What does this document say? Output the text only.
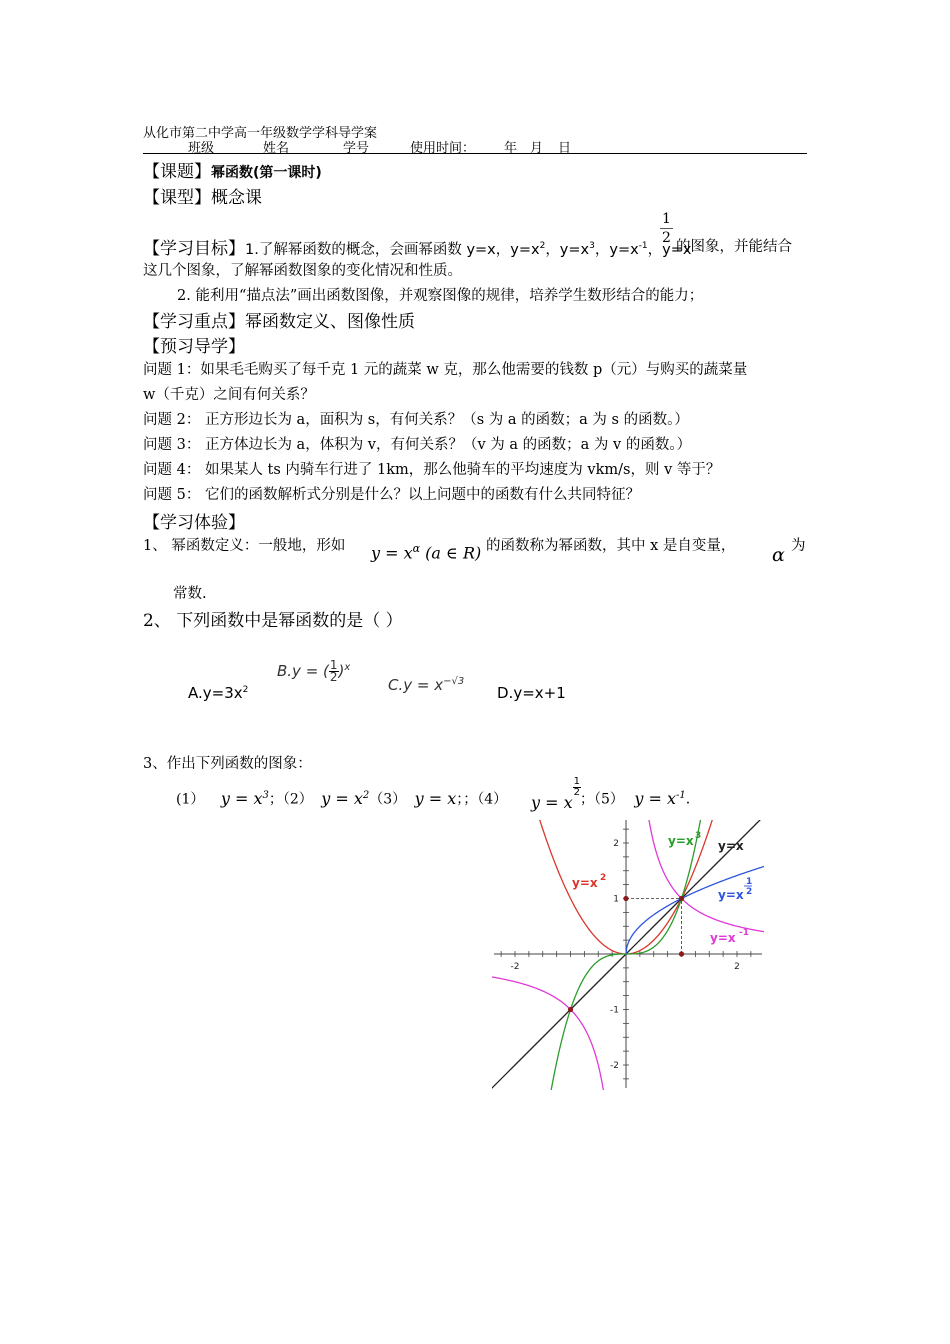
从化市第二中学高一年级数学学科导学案
班级	姓名	学号	使用时间： 年 月 日
【课题】幂函数(第一课时)
【课型】概念课
【学习目标】1.了解幂函数的概念，会画幂函数 y=x，$y=x^2$，$y=x^3$，$y=x^{-1}$，y=x
1
2
的图象，并能结合
这几个图象，了解幂函数图象的变化情况和性质。
2. 能利用“描点法”画出函数图像，并观察图像的规律，培养学生数形结合的能力；
【学习重点】幂函数定义、图像性质
【预习导学】
问题 1：如果毛毛购买了每千克 1 元的蔬菜 w 克，那么他需要的钱数 p（元）与购买的蔬菜量
w（千克）之间有何关系？
问题 2： 正方形边长为 a，面积为 s，有何关系？（s 为 a 的函数；a 为 s 的函数。）
问题 3： 正方体边长为 a，体积为 v，有何关系？（v 为 a 的函数；a 为 v 的函数。）
问题 4： 如果某人 ts 内骑车行进了 1km，那么他骑车的平均速度为 vkm/s，则 v 等于？
问题 5： 它们的函数解析式分别是什么？以上问题中的函数有什么共同特征？
【学习体验】
1、 幂函数定义：一般地，形如 $y = x^\alpha$ (a ∈ R) 的函数称为幂函数，其中 x 是自变量， α 为
常数.
2、 下列函数中是幂函数的是（ ）
$A.y=3x^2$
B.y = ( $\frac{1}{2} )^x$
$C.y = x^{-√3}$
D.y=x+1
3、作出下列函数的图象：
(1） $y = x^3$；（2） $y = x^2(3) y = x$；；（4） y = x
$\frac{1}{2}$
；（5） $y = x^{-1}$.
-2	2
2
1
-1
-2
y=x
y=x 2
y=x 3
y=x
1
2
y=x -1
